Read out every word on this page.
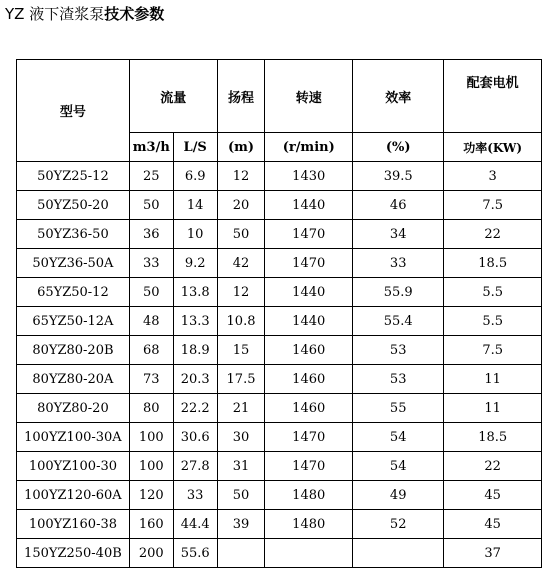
YZ 液下渣浆泵技术参数
型号	流量		扬程	转速	效率	配套电机
	m3/h	L/S	(m)	(r/min)	(%)	功率(KW)
50YZ25-12	25	6.9	12	1430	39.5	3
50YZ50-20	50	14	20	1440	46	7.5
50YZ36-50	36	10	50	1470	34	22
50YZ36-50A	33	9.2	42	1470	33	18.5
65YZ50-12	50	13.8	12	1440	55.9	5.5
65YZ50-12A	48	13.3	10.8	1440	55.4	5.5
80YZ80-20B	68	18.9	15	1460	53	7.5
80YZ80-20A	73	20.3	17.5	1460	53	11
80YZ80-20	80	22.2	21	1460	55	11
100YZ100-30A	100	30.6	30	1470	54	18.5
100YZ100-30	100	27.8	31	1470	54	22
100YZ120-60A	120	33	50	1480	49	45
100YZ160-38	160	44.4	39	1480	52	45
150YZ250-40B	200	55.6				37
